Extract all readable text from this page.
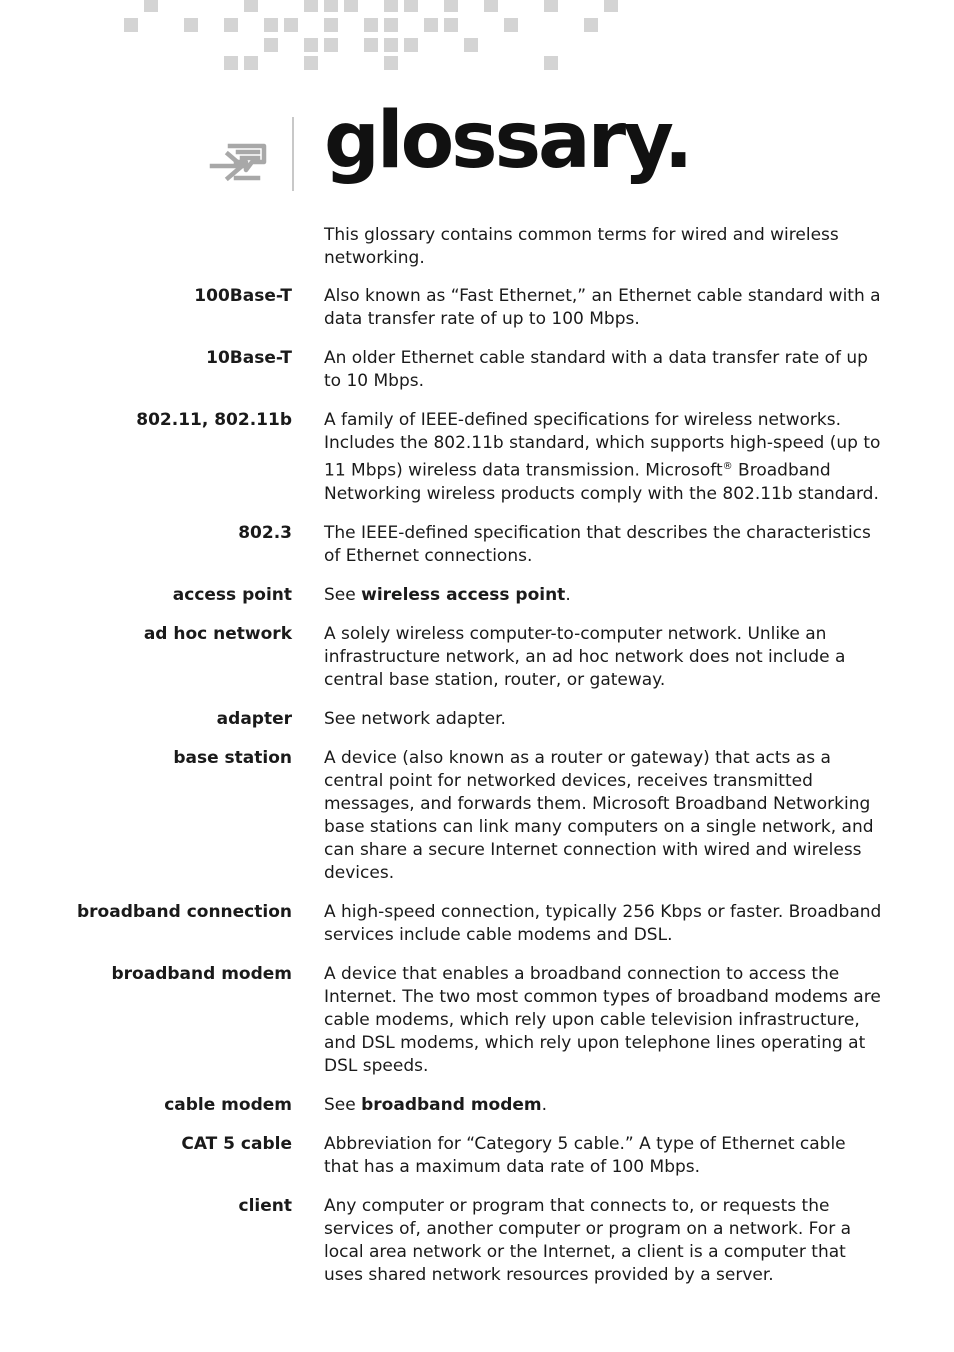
glossary.
This glossary contains common terms for wired and wireless networking.
100Base-T Also known as “Fast Ethernet,” an Ethernet cable standard with a data transfer rate of up to 100 Mbps.
10Base-T An older Ethernet cable standard with a data transfer rate of up to 10 Mbps.
802.11, 802.11b A family of IEEE-defined specifications for wireless networks. Includes the 802.11b standard, which supports high-speed (up to 11 Mbps) wireless data transmission. Microsoft® Broadband Networking wireless products comply with the 802.11b standard.
802.3 The IEEE-defined specification that describes the characteristics of Ethernet connections.
access point See wireless access point.
ad hoc network A solely wireless computer-to-computer network. Unlike an infrastructure network, an ad hoc network does not include a central base station, router, or gateway.
adapter See network adapter.
base station A device (also known as a router or gateway) that acts as a central point for networked devices, receives transmitted messages, and forwards them. Microsoft Broadband Networking base stations can link many computers on a single network, and can share a secure Internet connection with wired and wireless devices.
broadband connection A high-speed connection, typically 256 Kbps or faster. Broadband services include cable modems and DSL.
broadband modem A device that enables a broadband connection to access the Internet. The two most common types of broadband modems are cable modems, which rely upon cable television infrastructure, and DSL modems, which rely upon telephone lines operating at DSL speeds.
cable modem See broadband modem.
CAT 5 cable Abbreviation for “Category 5 cable.” A type of Ethernet cable that has a maximum data rate of 100 Mbps.
client Any computer or program that connects to, or requests the services of, another computer or program on a network. For a local area network or the Internet, a client is a computer that uses shared network resources provided by a server.
